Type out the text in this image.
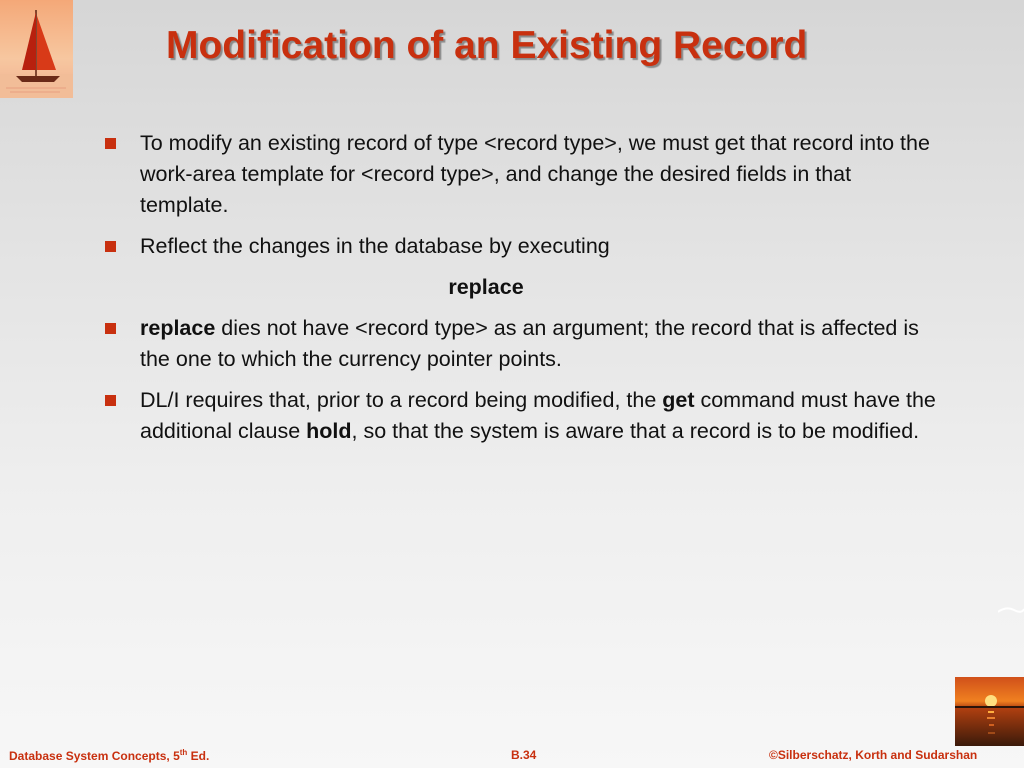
Modification of an Existing Record
To modify an existing record of type <record type>, we must get that record into the work-area template for <record type>, and change the desired fields in that template.
Reflect the changes in the database by executing
replace
replace dies not have <record type> as an argument; the record that is affected is the one to which the currency pointer points.
DL/I requires that, prior to a record being modified, the get command must have the additional clause hold, so that the system is aware that a record is to be modified.
Database System Concepts, 5th Ed.	B.34	©Silberschatz, Korth and Sudarshan
